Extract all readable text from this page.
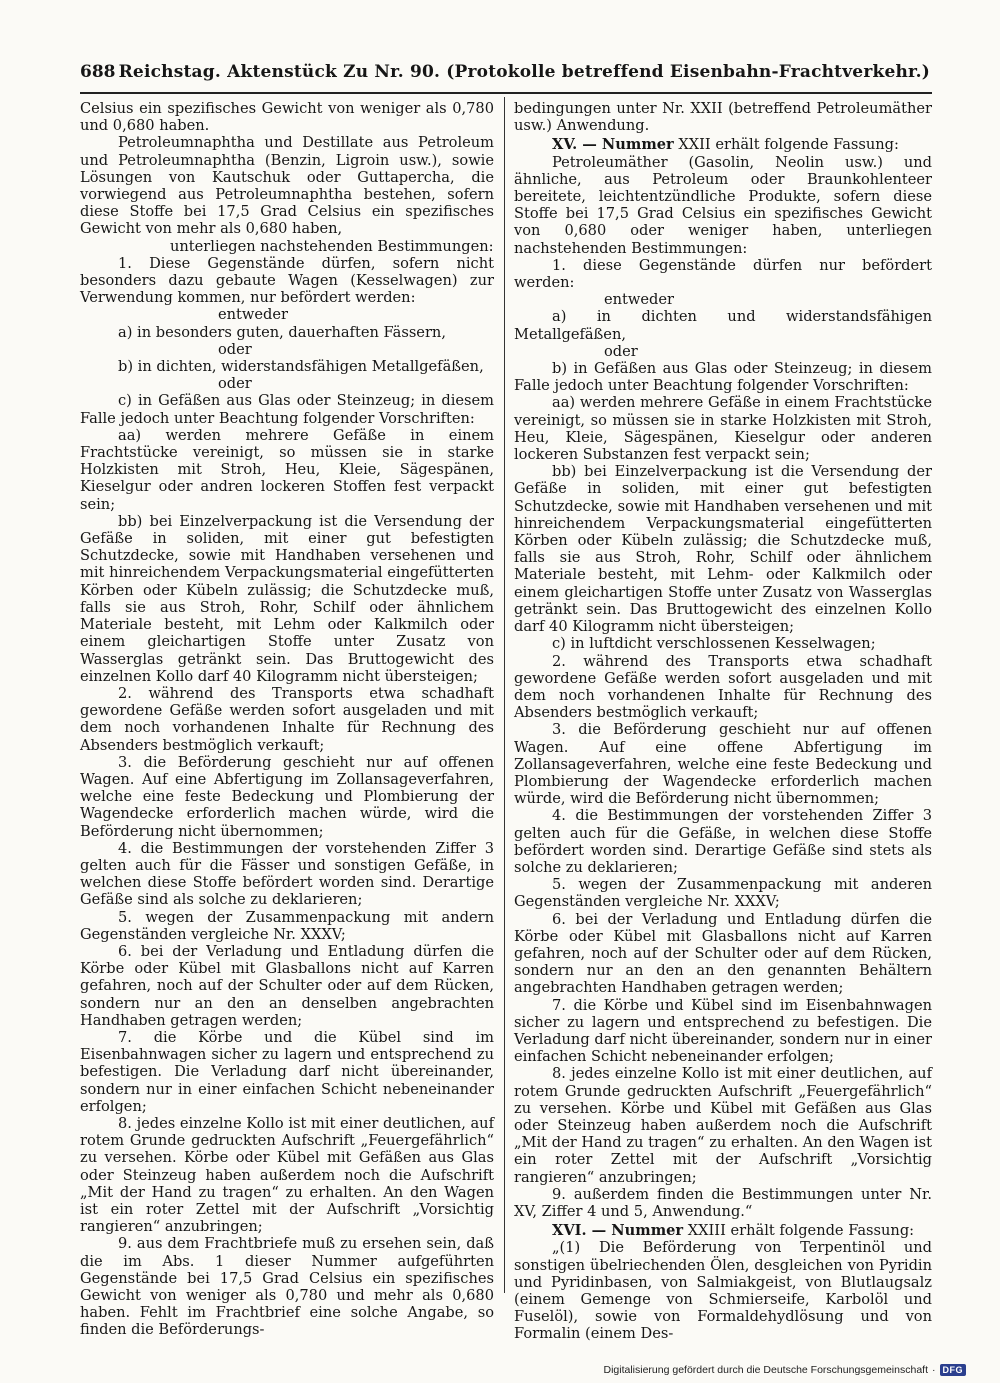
688 Reichstag. Aktenstück Zu Nr. 90. (Protokolle betreffend Eisenbahn-Frachtverkehr.)

Celsius ein spezifisches Gewicht von weniger als 0,780 und 0,680 haben.

Petroleumnaphtha und Destillate aus Petroleum und Petroleumnaphtha (Benzin, Ligroin usw.), sowie Lösungen von Kautschuk oder Guttapercha, die vorwiegend aus Petroleumnaphtha bestehen, sofern diese Stoffe bei 17,5 Grad Celsius ein spezifisches Gewicht von mehr als 0,680 haben,

unterliegen nachstehenden Bestimmungen:

1. Diese Gegenstände dürfen, sofern nicht besonders dazu gebaute Wagen (Kesselwagen) zur Verwendung kommen, nur befördert werden:

entweder

a) in besonders guten, dauerhaften Fässern,

oder

b) in dichten, widerstandsfähigen Metallgefäßen,

oder

c) in Gefäßen aus Glas oder Steinzeug; in diesem Falle jedoch unter Beachtung folgender Vorschriften:

aa) werden mehrere Gefäße in einem Frachtstücke vereinigt, so müssen sie in starke Holzkisten mit Stroh, Heu, Kleie, Sägespänen, Kieselgur oder andren lockeren Stoffen fest verpackt sein;

bb) bei Einzelverpackung ist die Versendung der Gefäße in soliden, mit einer gut befestigten Schutzdecke, sowie mit Handhaben versehenen und mit hinreichendem Verpackungsmaterial eingefütterten Körben oder Kübeln zulässig; die Schutzdecke muß, falls sie aus Stroh, Rohr, Schilf oder ähnlichem Materiale besteht, mit Lehm oder Kalkmilch oder einem gleichartigen Stoffe unter Zusatz von Wasserglas getränkt sein. Das Bruttogewicht des einzelnen Kollo darf 40 Kilogramm nicht übersteigen;

2. während des Transports etwa schadhaft gewordene Gefäße werden sofort ausgeladen und mit dem noch vorhandenen Inhalte für Rechnung des Absenders bestmöglich verkauft;

3. die Beförderung geschieht nur auf offenen Wagen. Auf eine Abfertigung im Zollansageverfahren, welche eine feste Bedeckung und Plombierung der Wagendecke erforderlich machen würde, wird die Beförderung nicht übernommen;

4. die Bestimmungen der vorstehenden Ziffer 3 gelten auch für die Fässer und sonstigen Gefäße, in welchen diese Stoffe befördert worden sind. Derartige Gefäße sind als solche zu deklarieren;

5. wegen der Zusammenpackung mit andern Gegenständen vergleiche Nr. XXXV;

6. bei der Verladung und Entladung dürfen die Körbe oder Kübel mit Glasballons nicht auf Karren gefahren, noch auf der Schulter oder auf dem Rücken, sondern nur an den an denselben angebrachten Handhaben getragen werden;

7. die Körbe und die Kübel sind im Eisenbahnwagen sicher zu lagern und entsprechend zu befestigen. Die Verladung darf nicht übereinander, sondern nur in einer einfachen Schicht nebeneinander erfolgen;

8. jedes einzelne Kollo ist mit einer deutlichen, auf rotem Grunde gedruckten Aufschrift „Feuergefährlich“ zu versehen. Körbe oder Kübel mit Gefäßen aus Glas oder Steinzeug haben außerdem noch die Aufschrift „Mit der Hand zu tragen“ zu erhalten. An den Wagen ist ein roter Zettel mit der Aufschrift „Vorsichtig rangieren“ anzubringen;

9. aus dem Frachtbriefe muß zu ersehen sein, daß die im Abs. 1 dieser Nummer aufgeführten Gegenstände bei 17,5 Grad Celsius ein spezifisches Gewicht von weniger als 0,780 und mehr als 0,680 haben. Fehlt im Frachtbrief eine solche Angabe, so finden die Beförderungs-

bedingungen unter Nr. XXII (betreffend Petroleumäther usw.) Anwendung.

XV. — Nummer XXII erhält folgende Fassung:

Petroleumäther (Gasolin, Neolin usw.) und ähnliche, aus Petroleum oder Braunkohlenteer bereitete, leichtentzündliche Produkte, sofern diese Stoffe bei 17,5 Grad Celsius ein spezifisches Gewicht von 0,680 oder weniger haben, unterliegen nachstehenden Bestimmungen:

1. diese Gegenstände dürfen nur befördert werden:

entweder

a) in dichten und widerstandsfähigen Metallgefäßen,

oder

b) in Gefäßen aus Glas oder Steinzeug; in diesem Falle jedoch unter Beachtung folgender Vorschriften:

aa) werden mehrere Gefäße in einem Frachtstücke vereinigt, so müssen sie in starke Holzkisten mit Stroh, Heu, Kleie, Sägespänen, Kieselgur oder anderen lockeren Substanzen fest verpackt sein;

bb) bei Einzelverpackung ist die Versendung der Gefäße in soliden, mit einer gut befestigten Schutzdecke, sowie mit Handhaben versehenen und mit hinreichendem Verpackungsmaterial eingefütterten Körben oder Kübeln zulässig; die Schutzdecke muß, falls sie aus Stroh, Rohr, Schilf oder ähnlichem Materiale besteht, mit Lehm- oder Kalkmilch oder einem gleichartigen Stoffe unter Zusatz von Wasserglas getränkt sein. Das Bruttogewicht des einzelnen Kollo darf 40 Kilogramm nicht übersteigen;

c) in luftdicht verschlossenen Kesselwagen;

2. während des Transports etwa schadhaft gewordene Gefäße werden sofort ausgeladen und mit dem noch vorhandenen Inhalte für Rechnung des Absenders bestmöglich verkauft;

3. die Beförderung geschieht nur auf offenen Wagen. Auf eine offene Abfertigung im Zollansageverfahren, welche eine feste Bedeckung und Plombierung der Wagendecke erforderlich machen würde, wird die Beförderung nicht übernommen;

4. die Bestimmungen der vorstehenden Ziffer 3 gelten auch für die Gefäße, in welchen diese Stoffe befördert worden sind. Derartige Gefäße sind stets als solche zu deklarieren;

5. wegen der Zusammenpackung mit anderen Gegenständen vergleiche Nr. XXXV;

6. bei der Verladung und Entladung dürfen die Körbe oder Kübel mit Glasballons nicht auf Karren gefahren, noch auf der Schulter oder auf dem Rücken, sondern nur an den an den genannten Behältern angebrachten Handhaben getragen werden;

7. die Körbe und Kübel sind im Eisenbahnwagen sicher zu lagern und entsprechend zu befestigen. Die Verladung darf nicht übereinander, sondern nur in einer einfachen Schicht nebeneinander erfolgen;

8. jedes einzelne Kollo ist mit einer deutlichen, auf rotem Grunde gedruckten Aufschrift „Feuergefährlich“ zu versehen. Körbe und Kübel mit Gefäßen aus Glas oder Steinzeug haben außerdem noch die Aufschrift „Mit der Hand zu tragen“ zu erhalten. An den Wagen ist ein roter Zettel mit der Aufschrift „Vorsichtig rangieren“ anzubringen;

9. außerdem finden die Bestimmungen unter Nr. XV, Ziffer 4 und 5, Anwendung.“

XVI. — Nummer XXIII erhält folgende Fassung:

„(1) Die Beförderung von Terpentinöl und sonstigen übelriechenden Ölen, desgleichen von Pyridin und Pyridinbasen, von Salmiakgeist, von Blutlaugsalz (einem Gemenge von Schmierseife, Karbolöl und Fuselöl), sowie von Formaldehydlösung und von Formalin (einem Des-

Digitalisierung gefördert durch die Deutsche Forschungsgemeinschaft · DFG
